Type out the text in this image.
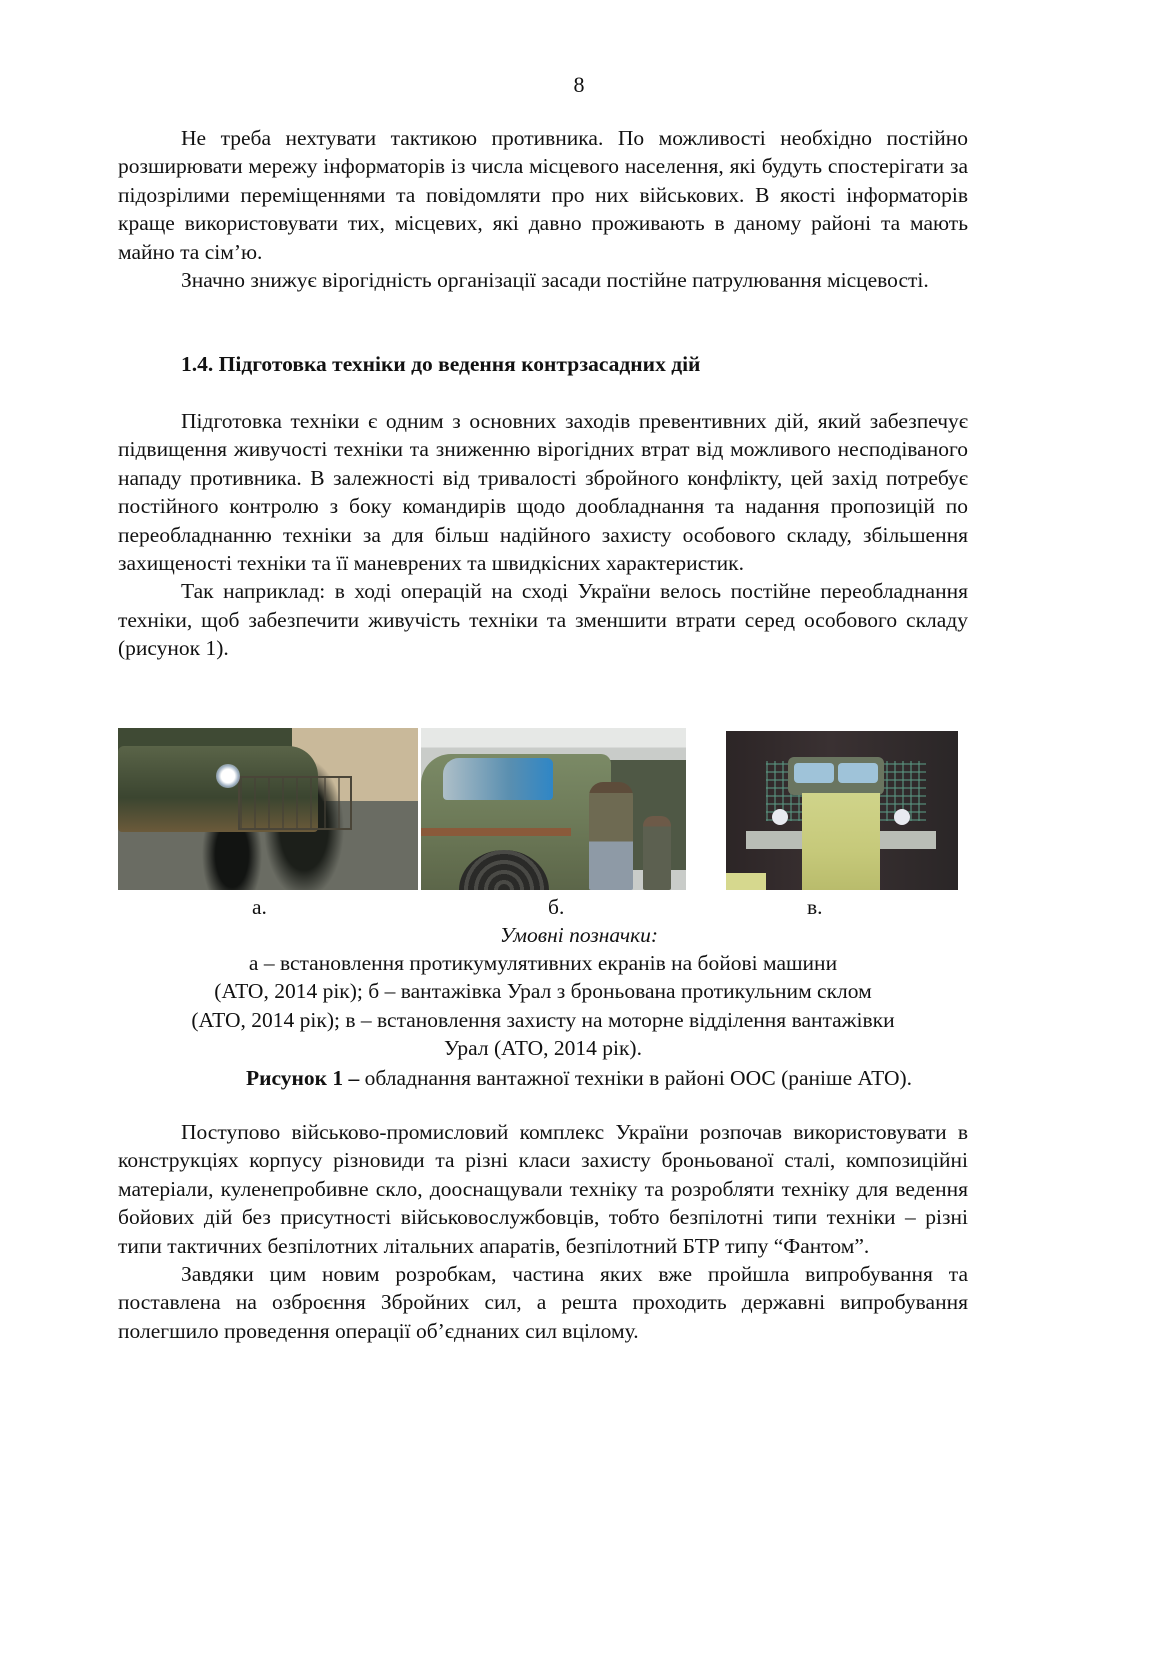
8

Не треба нехтувати тактикою противника. По можливості необхідно постійно розширювати мережу інформаторів із числа місцевого населення, які будуть спостерігати за підозрілими переміщеннями та повідомляти про них військових. В якості інформаторів краще використовувати тих, місцевих, які давно проживають в даному районі та мають майно та сім’ю.

Значно знижує вірогідність організації засади постійне патрулювання місцевості.

1.4. Підготовка техніки до ведення контрзасадних дій

Підготовка техніки є одним з основних заходів превентивних дій, який забезпечує підвищення живучості техніки та зниженню вірогідних втрат від можливого несподіваного нападу противника. В залежності від тривалості збройного конфлікту, цей захід потребує постійного контролю з боку командирів щодо дообладнання та надання пропозицій по переобладнанню техніки за для більш надійного захисту особового складу, збільшення захищеності техніки та її маневрених та швидкісних характеристик.

Так наприклад: в ході операцій на сході України велось постійне переобладнання техніки, щоб забезпечити живучість техніки та зменшити втрати серед особового складу (рисунок 1).

а.	б.	в.
Умовні позначки:
а – встановлення протикумулятивних екранів на бойові машини
(АТО, 2014 рік); б – вантажівка Урал з броньована протикульним склом
(АТО, 2014 рік); в – встановлення захисту на моторне відділення вантажівки
Урал (АТО, 2014 рік).
Рисунок 1 – обладнання вантажної техніки в районі ООС (раніше АТО).

Поступово військово-промисловий комплекс України розпочав використовувати в конструкціях корпусу різновиди та різні класи захисту броньованої сталі, композиційні матеріали, куленепробивне скло, дооснащували техніку та розробляти техніку для ведення бойових дій без присутності військовослужбовців, тобто безпілотні типи техніки – різні типи тактичних безпілотних літальних апаратів, безпілотний БТР типу “Фантом”.

Завдяки цим новим розробкам, частина яких вже пройшла випробування та поставлена на озброєння Збройних сил, а решта проходить державні випробування полегшило проведення операції об’єднаних сил вцілому.
